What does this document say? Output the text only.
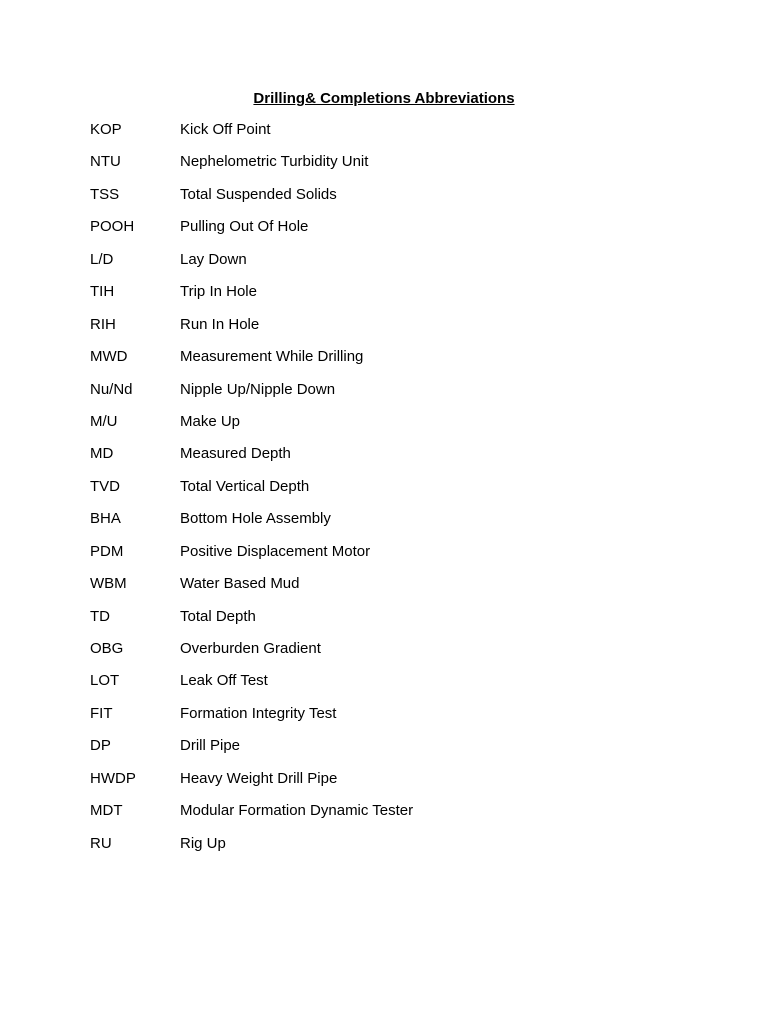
Drilling& Completions Abbreviations
KOP	Kick Off Point
NTU	Nephelometric Turbidity Unit
TSS	Total Suspended Solids
POOH	Pulling Out Of Hole
L/D	Lay Down
TIH	Trip In Hole
RIH	Run In Hole
MWD	Measurement While Drilling
Nu/Nd	Nipple Up/Nipple Down
M/U	Make Up
MD	Measured Depth
TVD	Total Vertical Depth
BHA	Bottom Hole Assembly
PDM	Positive Displacement Motor
WBM	Water Based Mud
TD	Total Depth
OBG	Overburden Gradient
LOT	Leak Off Test
FIT	Formation Integrity Test
DP	Drill Pipe
HWDP	Heavy Weight Drill Pipe
MDT	Modular Formation Dynamic Tester
RU	Rig Up
